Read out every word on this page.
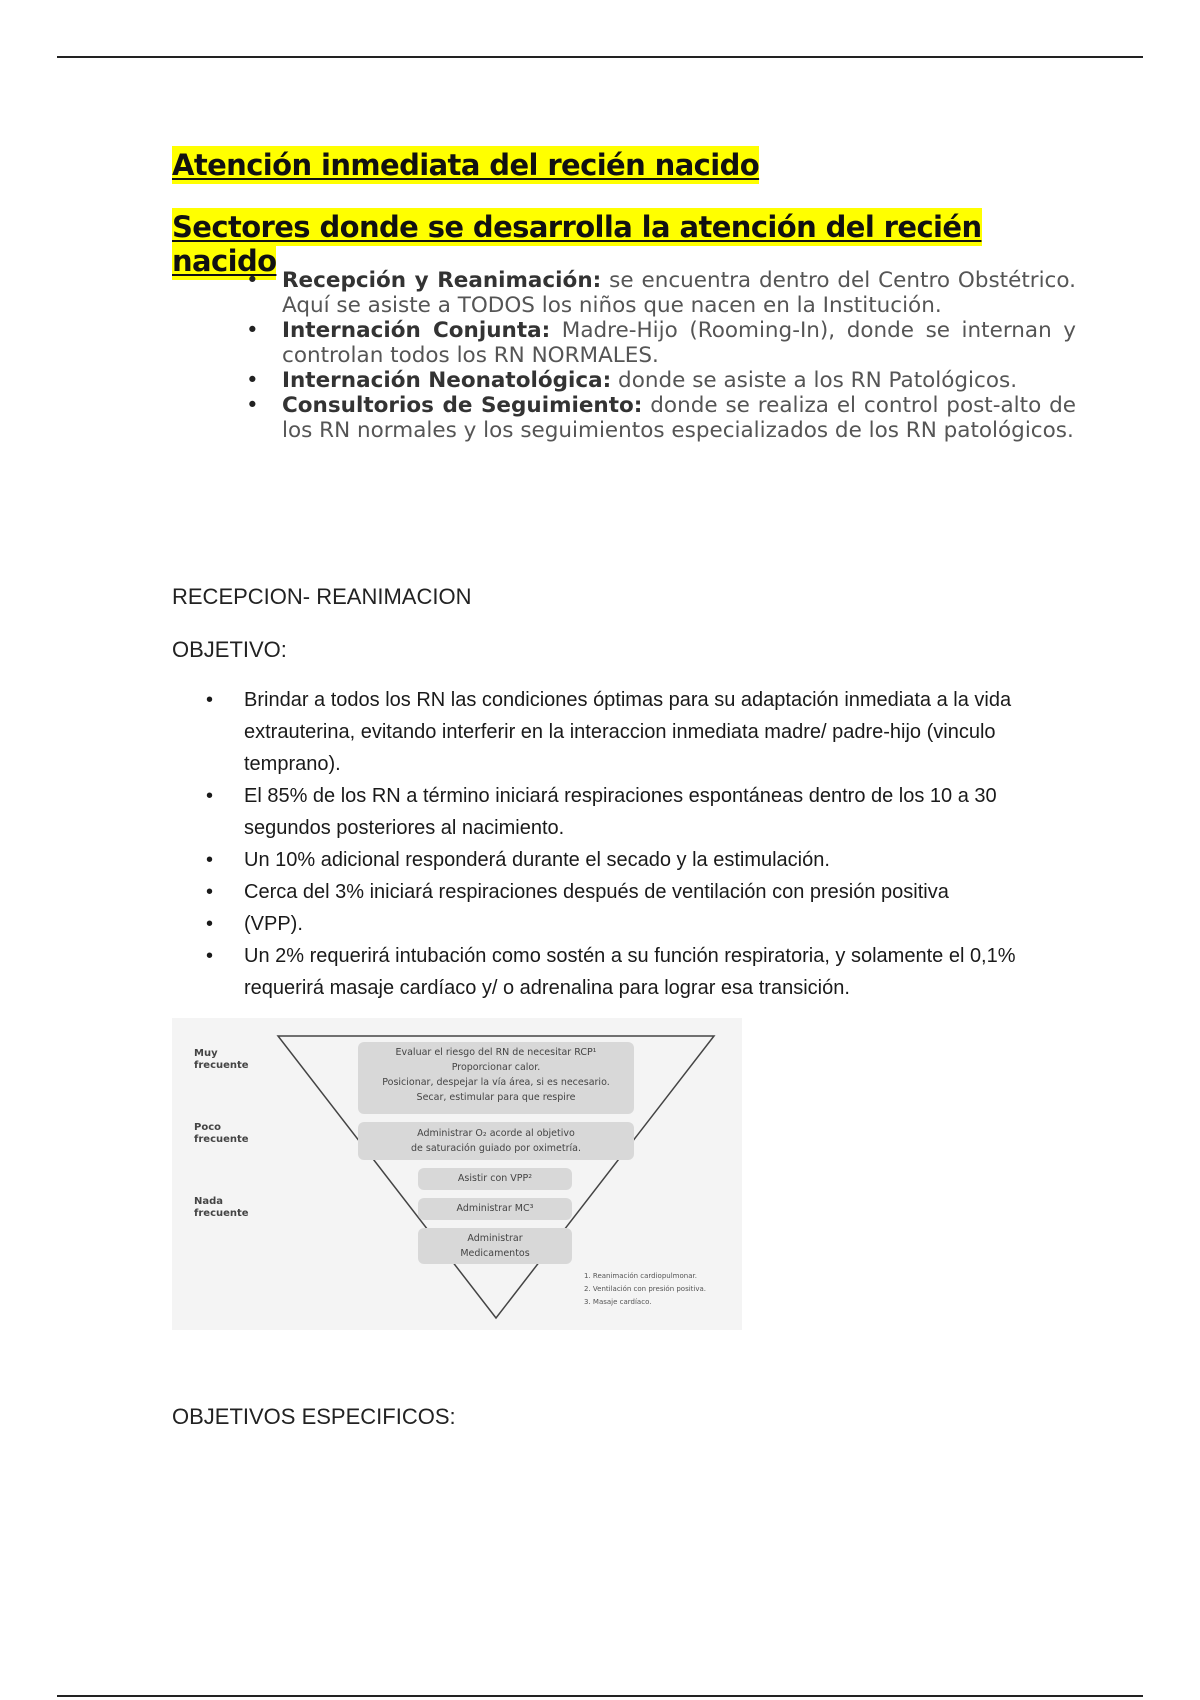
Atención inmediata del recién nacido
Sectores donde se desarrolla la atención del recién nacido
• Recepción y Reanimación: se encuentra dentro del Centro Obstétrico. Aquí se asiste a TODOS los niños que nacen en la Institución.
• Internación Conjunta: Madre-Hijo (Rooming-In), donde se internan y controlan todos los RN NORMALES.
• Internación Neonatológica: donde se asiste a los RN Patológicos.
• Consultorios de Seguimiento: donde se realiza el control post-alto de los RN normales y los seguimientos especializados de los RN patológicos.
RECEPCION- REANIMACION
OBJETIVO:
• Brindar a todos los RN las condiciones óptimas para su adaptación inmediata a la vida extrauterina, evitando interferir en la interaccion inmediata madre/ padre-hijo (vinculo temprano).
• El 85% de los RN a término iniciará respiraciones espontáneas dentro de los 10 a 30 segundos posteriores al nacimiento.
• Un 10% adicional responderá durante el secado y la estimulación.
• Cerca del 3% iniciará respiraciones después de ventilación con presión positiva
• (VPP).
• Un 2% requerirá intubación como sostén a su función respiratoria, y solamente el 0,1% requerirá masaje cardíaco y/ o adrenalina para lograr esa transición.
OBJETIVOS ESPECIFICOS:
Muy
frecuente
Poco
frecuente
Nada
frecuente
Evaluar el riesgo del RN de necesitar RCP¹
Proporcionar calor.
Posicionar, despejar la vía área, si es necesario.
Secar, estimular para que respire
Administrar O₂ acorde al objetivo
de saturación guiado por oximetría.
Asistir con VPP²
Administrar MC³
Administrar
Medicamentos
1. Reanimación cardiopulmonar.
2. Ventilación con presión positiva.
3. Masaje cardíaco.
